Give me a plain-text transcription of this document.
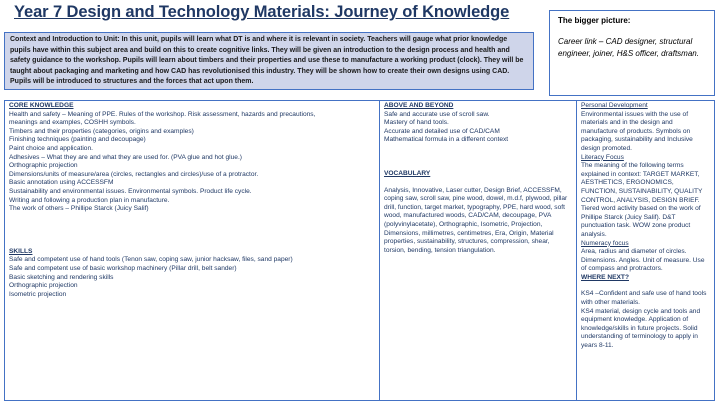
Year 7 Design and Technology Materials: Journey of Knowledge
Context and Introduction to Unit: In this unit, pupils will learn what DT is and where it is relevant in society. Teachers will gauge what prior knowledge pupils have within this subject area and build on this to create cognitive links. They will be given an introduction to the design process and health and safety guidance to the workshop. Pupils will learn about timbers and their properties and use these to manufacture a working product (clock). They will be taught about packaging and marketing and how CAD has revolutionised this industry. They will be shown how to create their own designs using CAD. Pupils will be introduced to structures and the forces that act upon them.
The bigger picture:
Career link – CAD designer, structural engineer, joiner, H&S officer, draftsman.
CORE KNOWLEDGE
Health and safety – Meaning of PPE. Rules of the workshop. Risk assessment, hazards and precautions,
meanings and examples, COSHH symbols.
Timbers and their properties (categories, origins and examples)
Finishing techniques (painting and decoupage)
Paint choice and application.
Adhesives – What they are and what they are used for. (PVA glue and hot glue.)
Orthographic projection
Dimensions/units of measure/area (circles, rectangles and circles)/use of a protractor.
Basic annotation using ACCESSFM
Sustainability and environmental issues. Environmental symbols. Product life cycle.
Writing and following a production plan in manufacture.
The work of others – Phillipe Starck (Juicy Salif)
SKILLS
Safe and competent use of hand tools (Tenon saw, coping saw, junior hacksaw, files, sand paper)
Safe and competent use of basic workshop machinery (Pillar drill, belt sander)
Basic sketching and rendering skills
Orthographic projection
Isometric projection
ABOVE AND BEYOND
Safe and accurate use of scroll saw.
Mastery of hand tools.
Accurate and detailed use of CAD/CAM
Mathematical formula in a different context
VOCABULARY
Analysis, Innovative, Laser cutter, Design Brief, ACCESSFM, coping saw, scroll saw, pine wood, dowel, m.d.f, plywood, pillar drill, function, target market, typography, PPE, hard wood, soft wood, manufactured woods, CAD/CAM, decoupage, PVA (polyvinylacetate), Orthographic, Isometric, Projection, Dimensions, millimetres, centimetres, Era, Origin, Material properties, sustainability, structures, compression, shear, torsion, bending, tension triangulation.
Personal Development
Environmental issues with the use of materials and in the design and manufacture of products. Symbols on packaging, sustainability and Inclusive design promoted.
Literacy Focus
The meaning of the following terms explained in context: TARGET MARKET, AESTHETICS, ERGONOMICS, FUNCTION, SUSTAINABILITY, QUALITY CONTROL, ANALYSIS, DESIGN BRIEF. Tiered word activity based on the work of Phillipe Starck (Juicy Salif). D&T punctuation task. WOW zone product analysis.
Numeracy focus
Area, radius and diameter of circles. Dimensions. Angles. Unit of measure. Use of compass and protractors.
WHERE NEXT?
KS4 –Confident and safe use of hand tools with other materials.
KS4 material, design cycle and tools and equipment knowledge. Application of knowledge/skills in future projects. Solid understanding of terminology to apply in years 8-11.
